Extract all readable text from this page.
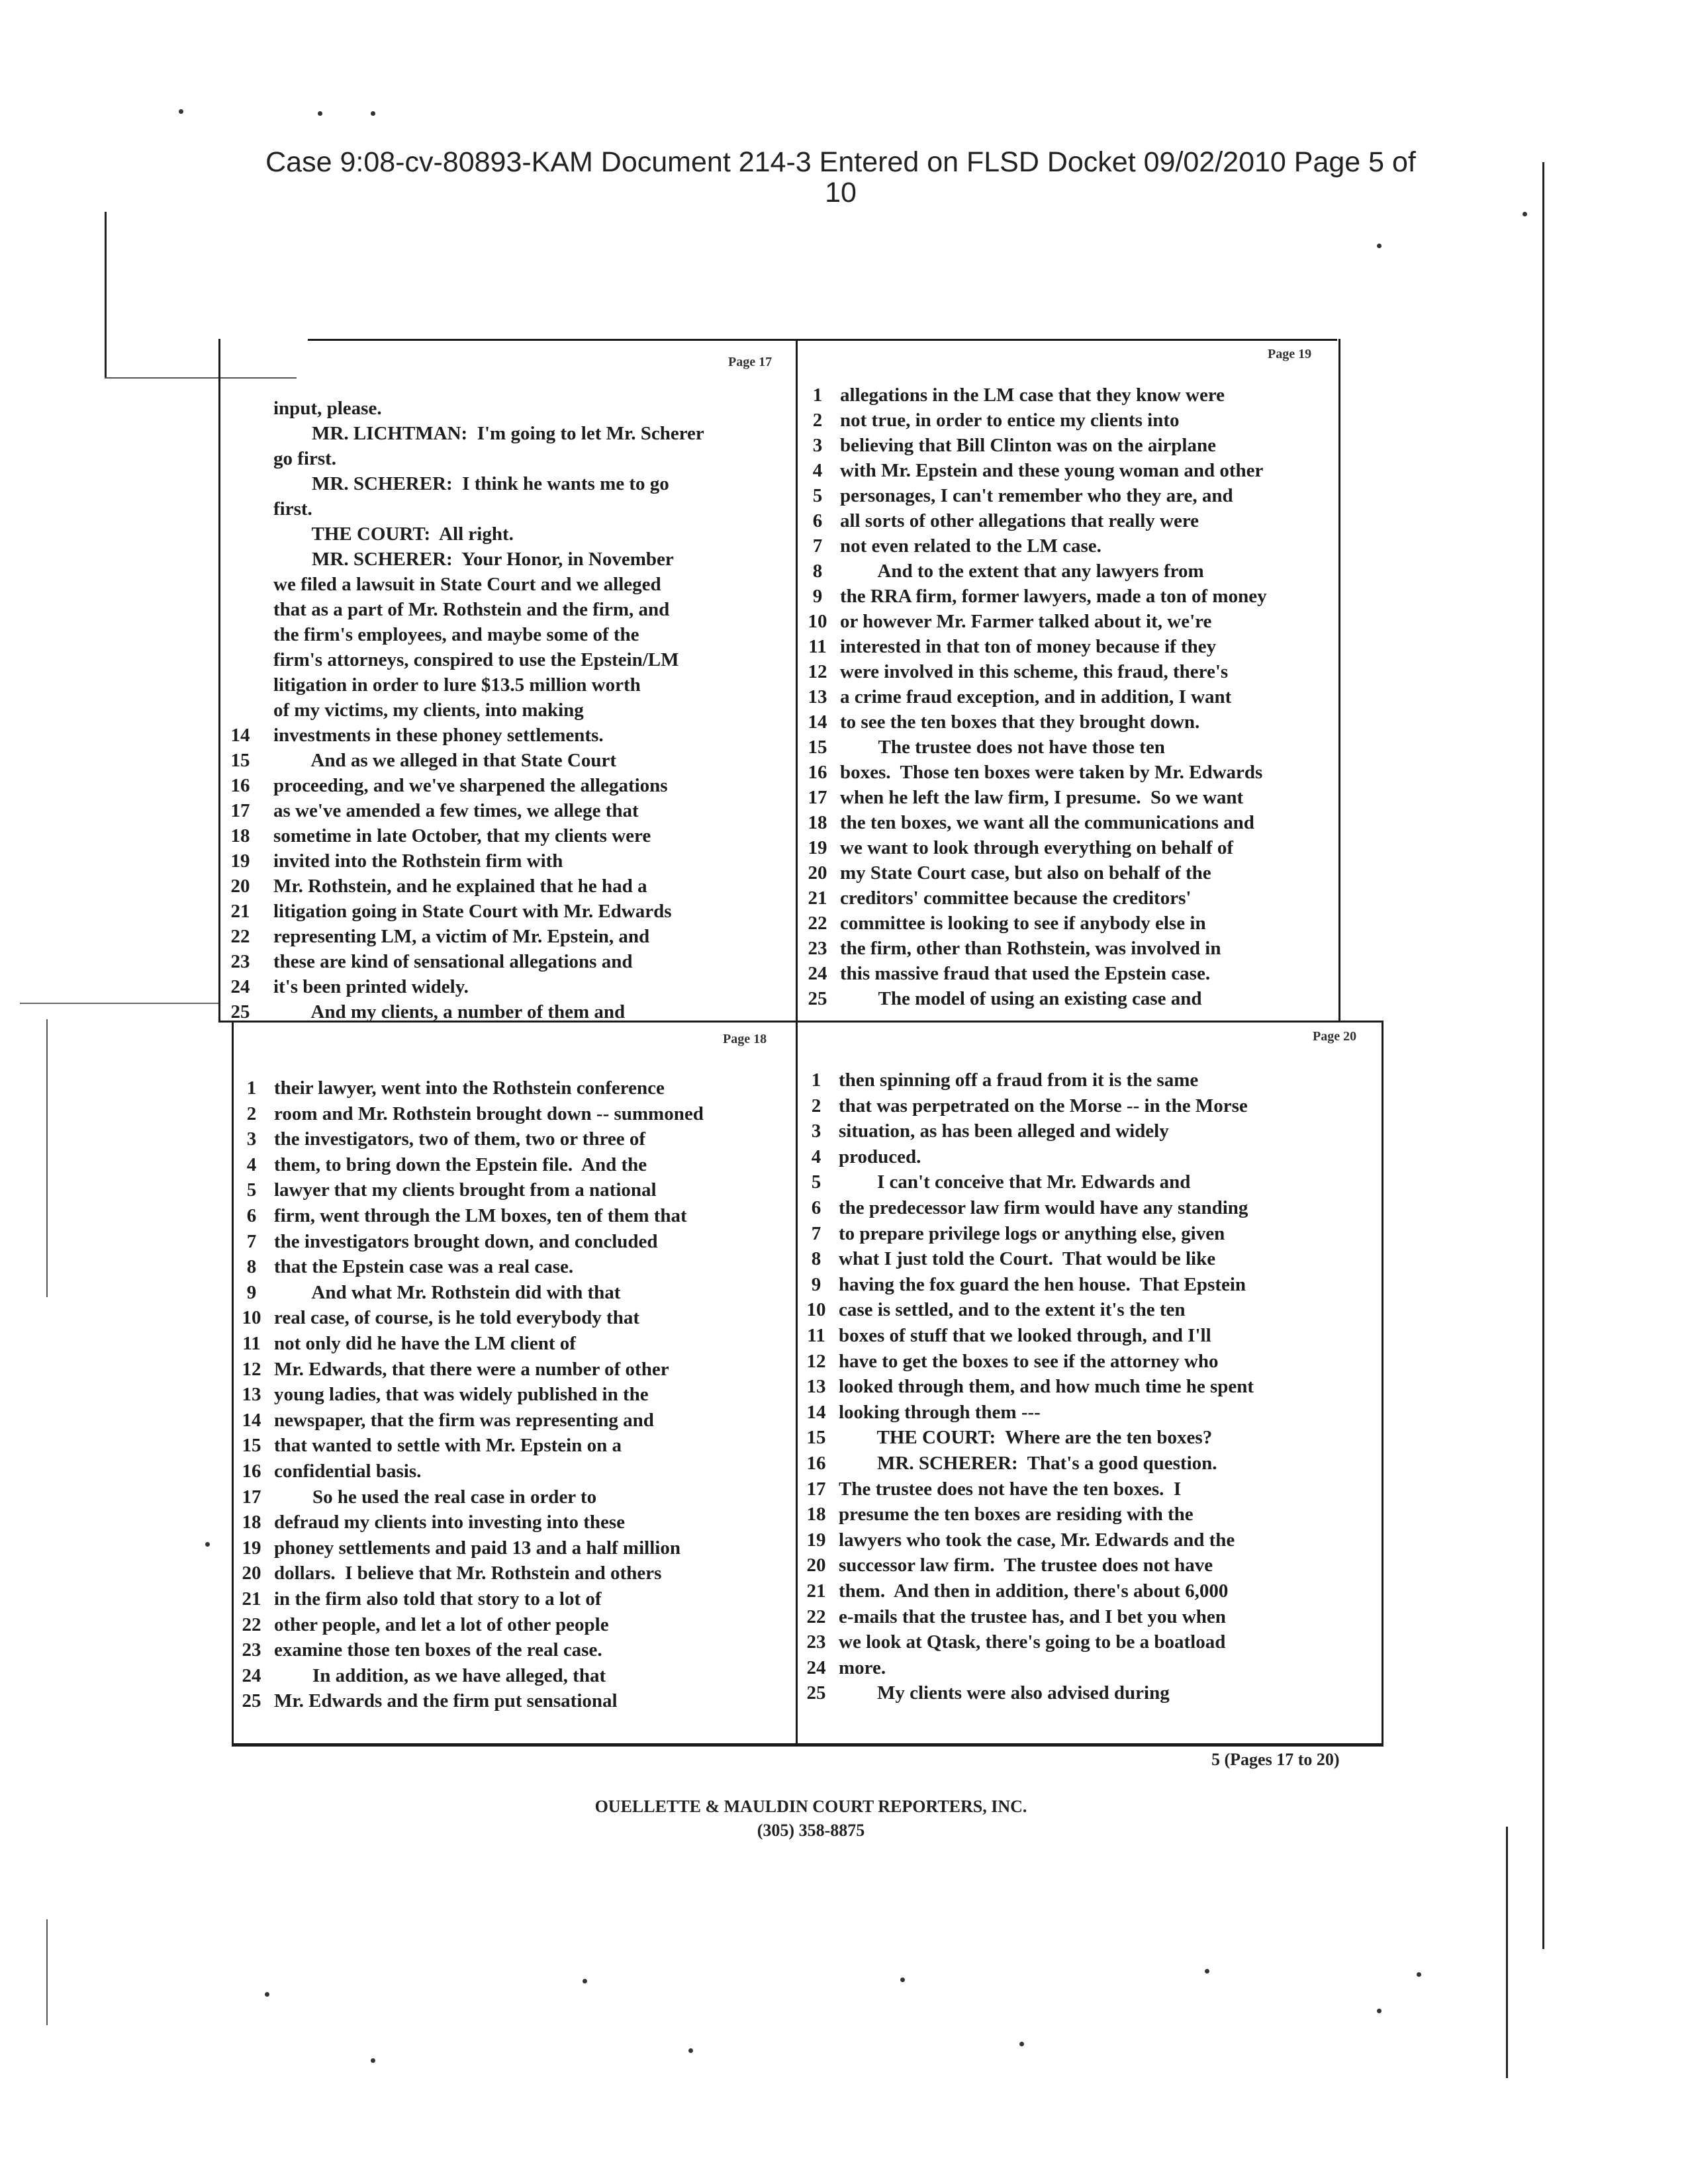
Case 9:08-cv-80893-KAM Document 214-3 Entered on FLSD Docket 09/02/2010 Page 5 of
10
Page 17
input, please.
MR. LICHTMAN:  I'm going to let Mr. Scherer
go first.
MR. SCHERER:  I think he wants me to go
first.
THE COURT:  All right.
MR. SCHERER:  Your Honor, in November
we filed a lawsuit in State Court and we alleged
that as a part of Mr. Rothstein and the firm, and
the firm's employees, and maybe some of the
firm's attorneys, conspired to use the Epstein/LM
litigation in order to lure $13.5 million worth
of my victims, my clients, into making
14 investments in these phoney settlements.
15 And as we alleged in that State Court
16 proceeding, and we've sharpened the allegations
17 as we've amended a few times, we allege that
18 sometime in late October, that my clients were
19 invited into the Rothstein firm with
20 Mr. Rothstein, and he explained that he had a
21 litigation going in State Court with Mr. Edwards
22 representing LM, a victim of Mr. Epstein, and
23 these are kind of sensational allegations and
24 it's been printed widely.
25 And my clients, a number of them and
Page 19
1 allegations in the LM case that they know were
2 not true, in order to entice my clients into
3 believing that Bill Clinton was on the airplane
4 with Mr. Epstein and these young woman and other
5 personages, I can't remember who they are, and
6 all sorts of other allegations that really were
7 not even related to the LM case.
8 And to the extent that any lawyers from
9 the RRA firm, former lawyers, made a ton of money
10 or however Mr. Farmer talked about it, we're
11 interested in that ton of money because if they
12 were involved in this scheme, this fraud, there's
13 a crime fraud exception, and in addition, I want
14 to see the ten boxes that they brought down.
15 The trustee does not have those ten
16 boxes.  Those ten boxes were taken by Mr. Edwards
17 when he left the law firm, I presume.  So we want
18 the ten boxes, we want all the communications and
19 we want to look through everything on behalf of
20 my State Court case, but also on behalf of the
21 creditors' committee because the creditors'
22 committee is looking to see if anybody else in
23 the firm, other than Rothstein, was involved in
24 this massive fraud that used the Epstein case.
25 The model of using an existing case and
Page 18
1 their lawyer, went into the Rothstein conference
2 room and Mr. Rothstein brought down -- summoned
3 the investigators, two of them, two or three of
4 them, to bring down the Epstein file.  And the
5 lawyer that my clients brought from a national
6 firm, went through the LM boxes, ten of them that
7 the investigators brought down, and concluded
8 that the Epstein case was a real case.
9 And what Mr. Rothstein did with that
10 real case, of course, is he told everybody that
11 not only did he have the LM client of
12 Mr. Edwards, that there were a number of other
13 young ladies, that was widely published in the
14 newspaper, that the firm was representing and
15 that wanted to settle with Mr. Epstein on a
16 confidential basis.
17 So he used the real case in order to
18 defraud my clients into investing into these
19 phoney settlements and paid 13 and a half million
20 dollars.  I believe that Mr. Rothstein and others
21 in the firm also told that story to a lot of
22 other people, and let a lot of other people
23 examine those ten boxes of the real case.
24 In addition, as we have alleged, that
25 Mr. Edwards and the firm put sensational
Page 20
1 then spinning off a fraud from it is the same
2 that was perpetrated on the Morse -- in the Morse
3 situation, as has been alleged and widely
4 produced.
5 I can't conceive that Mr. Edwards and
6 the predecessor law firm would have any standing
7 to prepare privilege logs or anything else, given
8 what I just told the Court.  That would be like
9 having the fox guard the hen house.  That Epstein
10 case is settled, and to the extent it's the ten
11 boxes of stuff that we looked through, and I'll
12 have to get the boxes to see if the attorney who
13 looked through them, and how much time he spent
14 looking through them ---
15 THE COURT:  Where are the ten boxes?
16 MR. SCHERER:  That's a good question.
17 The trustee does not have the ten boxes.  I
18 presume the ten boxes are residing with the
19 lawyers who took the case, Mr. Edwards and the
20 successor law firm.  The trustee does not have
21 them.  And then in addition, there's about 6,000
22 e-mails that the trustee has, and I bet you when
23 we look at Qtask, there's going to be a boatload
24 more.
25 My clients were also advised during
5 (Pages 17 to 20)
OUELLETTE & MAULDIN COURT REPORTERS, INC.
(305) 358-8875
